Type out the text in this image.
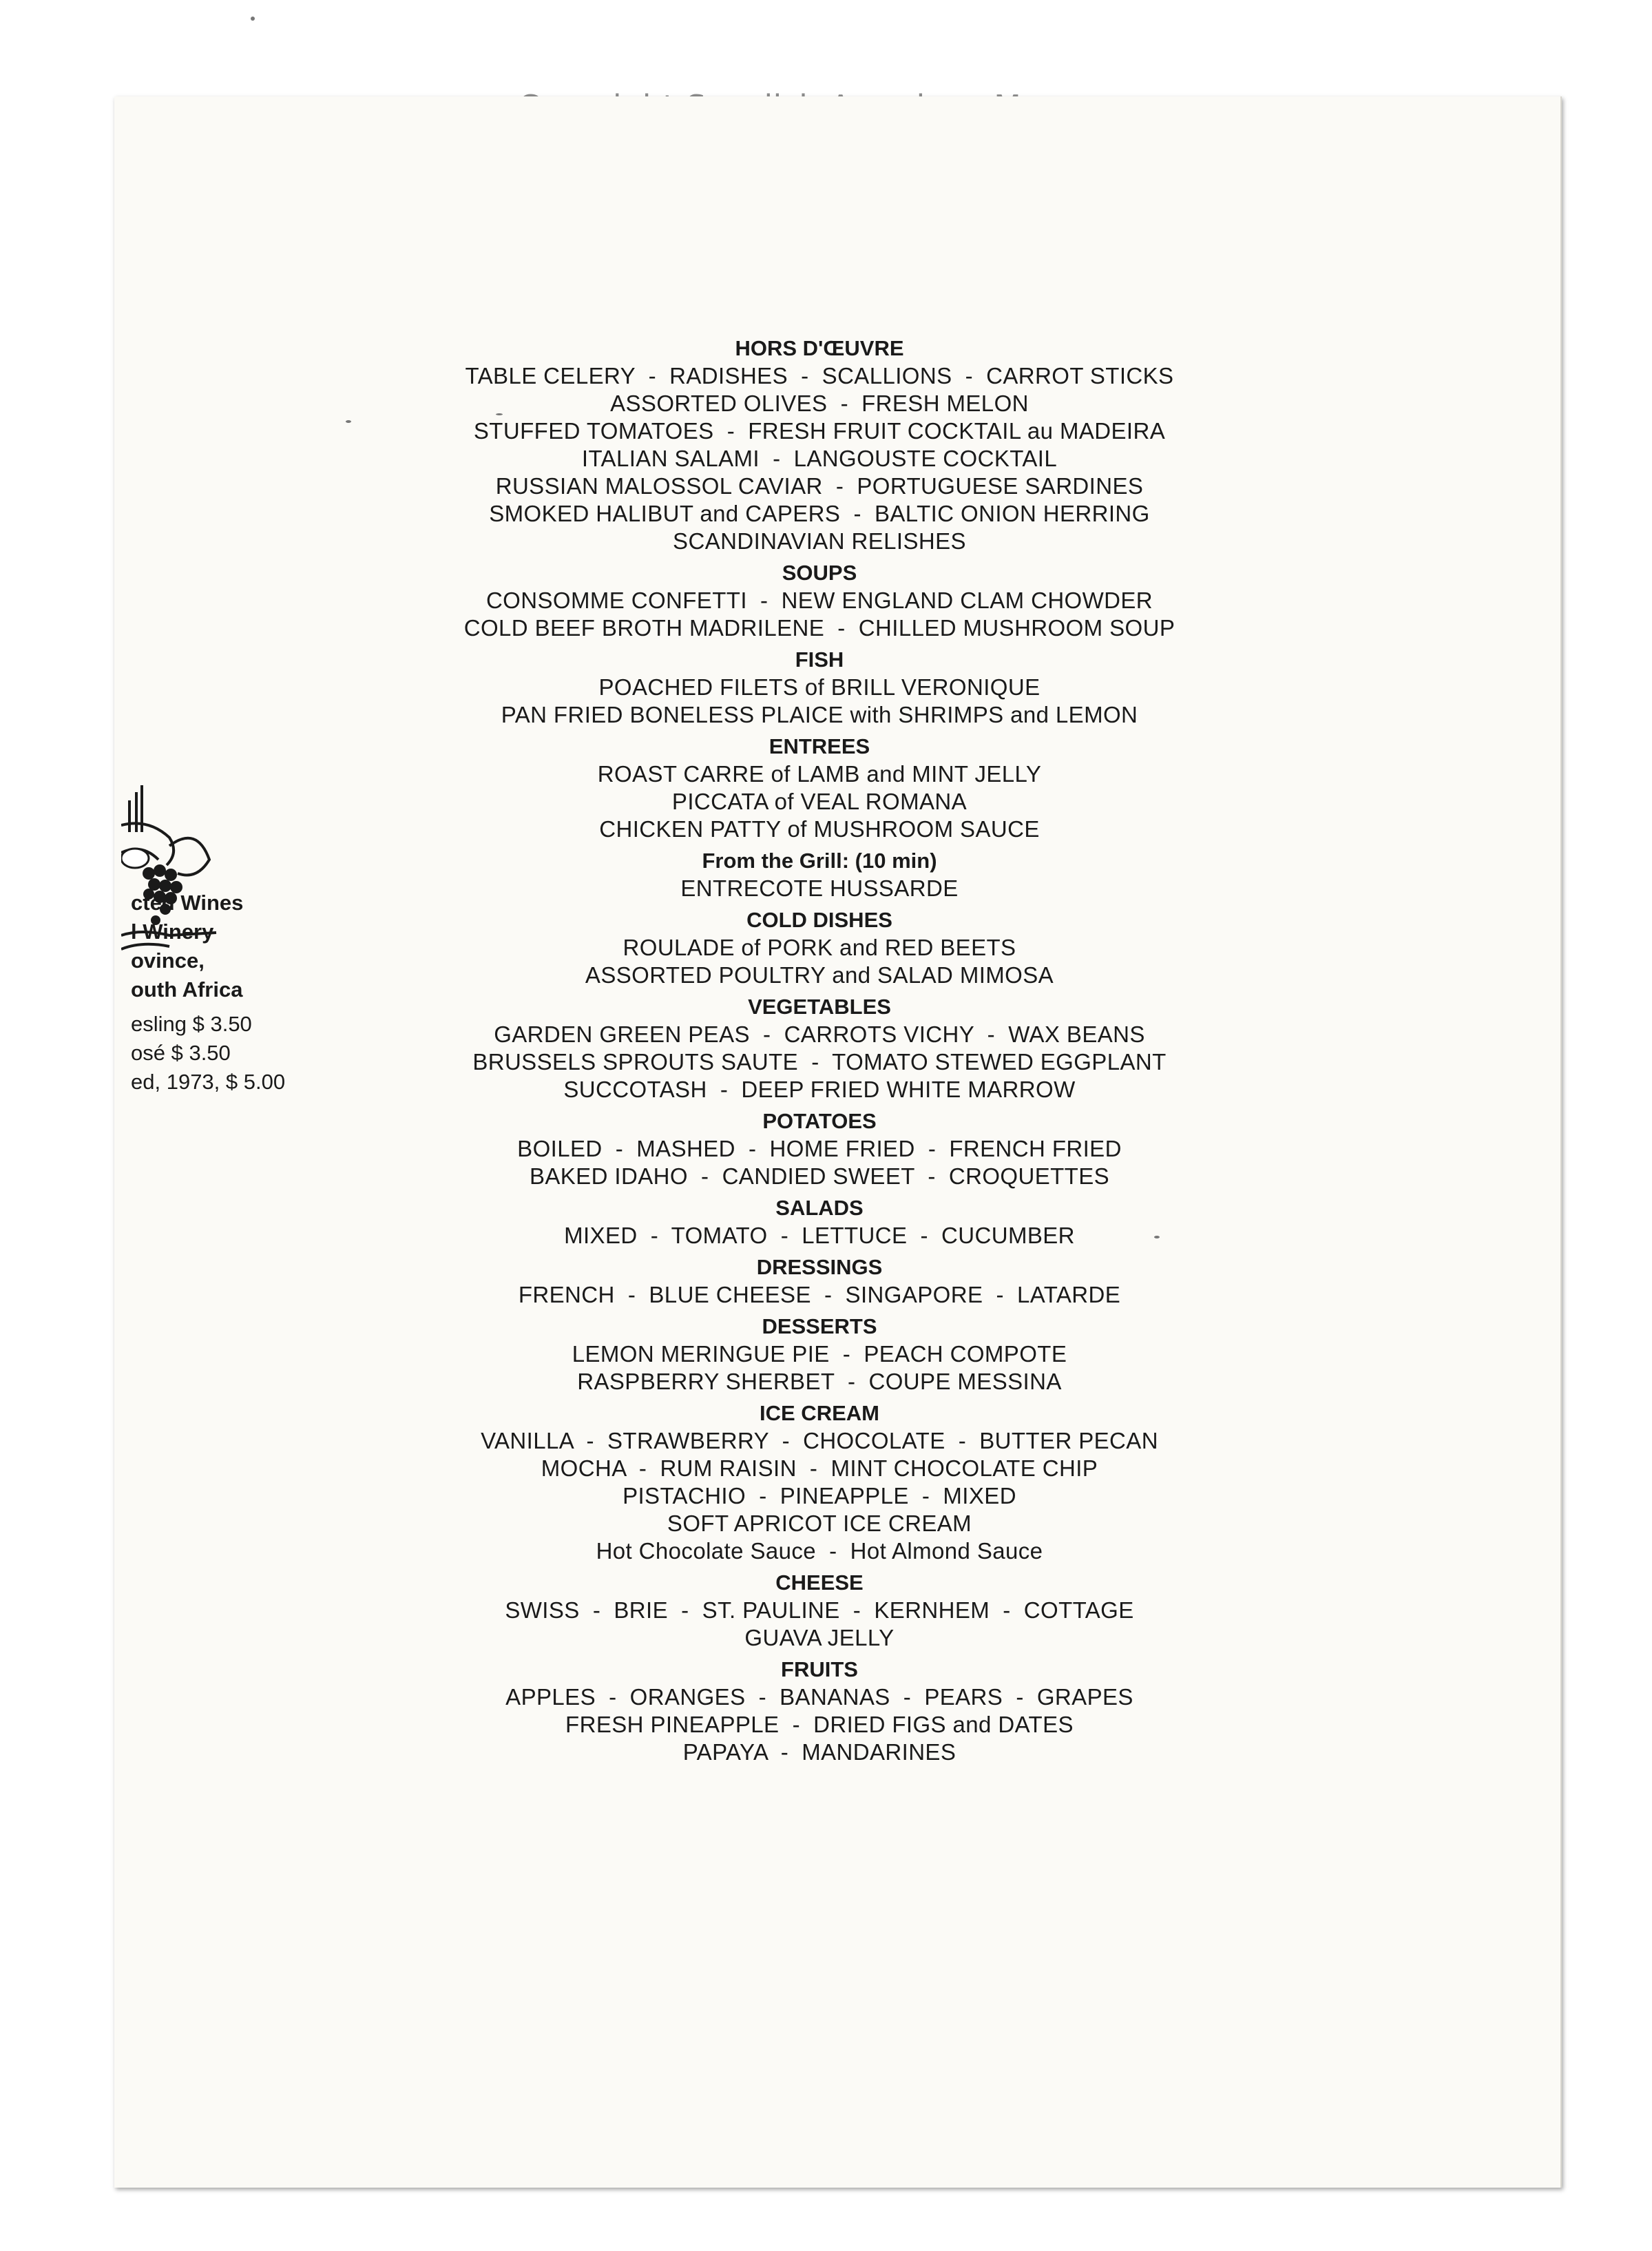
cted Wines
l Winery
ovince,
outh Africa
esling $ 3.50
osé $ 3.50
ed, 1973, $ 5.00
HORS D'ŒUVRE
TABLE CELERY  -  RADISHES  -  SCALLIONS  -  CARROT STICKS
ASSORTED OLIVES  -  FRESH MELON
STUFFED TOMATOES  -  FRESH FRUIT COCKTAIL au MADEIRA
ITALIAN SALAMI  -  LANGOUSTE COCKTAIL
RUSSIAN MALOSSOL CAVIAR  -  PORTUGUESE SARDINES
SMOKED HALIBUT and CAPERS  -  BALTIC ONION HERRING
SCANDINAVIAN RELISHES
SOUPS
CONSOMME CONFETTI  -  NEW ENGLAND CLAM CHOWDER
COLD BEEF BROTH MADRILENE  -  CHILLED MUSHROOM SOUP
FISH
POACHED FILETS of BRILL VERONIQUE
PAN FRIED BONELESS PLAICE with SHRIMPS and LEMON
ENTREES
ROAST CARRE of LAMB and MINT JELLY
PICCATA of VEAL ROMANA
CHICKEN PATTY of MUSHROOM SAUCE
From the Grill: (10 min)
ENTRECOTE HUSSARDE
COLD DISHES
ROULADE of PORK and RED BEETS
ASSORTED POULTRY and SALAD MIMOSA
VEGETABLES
GARDEN GREEN PEAS  -  CARROTS VICHY  -  WAX BEANS
BRUSSELS SPROUTS SAUTE  -  TOMATO STEWED EGGPLANT
SUCCOTASH  -  DEEP FRIED WHITE MARROW
POTATOES
BOILED  -  MASHED  -  HOME FRIED  -  FRENCH FRIED
BAKED IDAHO  -  CANDIED SWEET  -  CROQUETTES
SALADS
MIXED  -  TOMATO  -  LETTUCE  -  CUCUMBER
DRESSINGS
FRENCH  -  BLUE CHEESE  -  SINGAPORE  -  LATARDE
DESSERTS
LEMON MERINGUE PIE  -  PEACH COMPOTE
RASPBERRY SHERBET  -  COUPE MESSINA
ICE CREAM
VANILLA  -  STRAWBERRY  -  CHOCOLATE  -  BUTTER PECAN
MOCHA  -  RUM RAISIN  -  MINT CHOCOLATE CHIP
PISTACHIO  -  PINEAPPLE  -  MIXED
SOFT APRICOT ICE CREAM
Hot Chocolate Sauce  -  Hot Almond Sauce
CHEESE
SWISS  -  BRIE  -  ST. PAULINE  -  KERNHEM  -  COTTAGE
GUAVA JELLY
FRUITS
APPLES  -  ORANGES  -  BANANAS  -  PEARS  -  GRAPES
FRESH PINEAPPLE  -  DRIED FIGS and DATES
PAPAYA  -  MANDARINES
